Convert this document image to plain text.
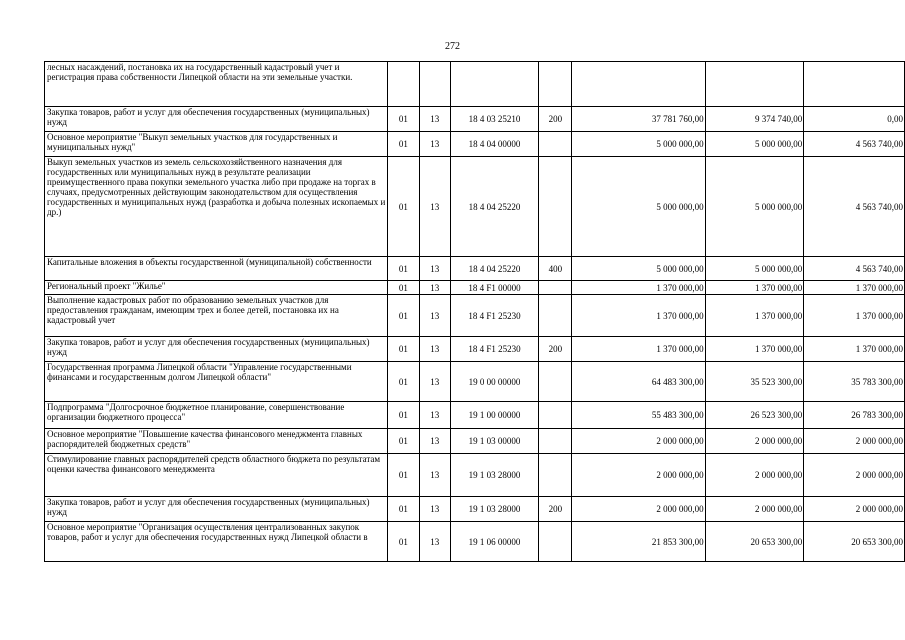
272
лесных насаждений, постановка их на государственный кадастровый учет и регистрация права собственности Липецкой области на эти земельные участки.							
Закупка товаров, работ и услуг для обеспечения государственных (муниципальных) нужд	01	13	18 4 03 25210	200	37 781 760,00	9 374 740,00	0,00
Основное мероприятие "Выкуп земельных участков для государственных и муниципальных нужд"	01	13	18 4 04 00000		5 000 000,00	5 000 000,00	4 563 740,00
Выкуп земельных участков из земель сельскохозяйственного назначения для государственных или муниципальных нужд в результате реализации преимущественного права покупки земельного участка либо при продаже на торгах в случаях, предусмотренных действующим законодательством для осуществления государственных и муниципальных нужд (разработка и добыча полезных ископаемых и др.)	01	13	18 4 04 25220		5 000 000,00	5 000 000,00	4 563 740,00
Капитальные вложения в объекты государственной (муниципальной) собственности	01	13	18 4 04 25220	400	5 000 000,00	5 000 000,00	4 563 740,00
Региональный проект "Жилье"	01	13	18 4 F1 00000		1 370 000,00	1 370 000,00	1 370 000,00
Выполнение кадастровых работ по образованию земельных участков для предоставления гражданам, имеющим трех и более детей, постановка их на кадастровый учет	01	13	18 4 F1 25230		1 370 000,00	1 370 000,00	1 370 000,00
Закупка товаров, работ и услуг для обеспечения государственных (муниципальных) нужд	01	13	18 4 F1 25230	200	1 370 000,00	1 370 000,00	1 370 000,00
Государственная программа Липецкой области "Управление государственными финансами и государственным долгом Липецкой области"	01	13	19 0 00 00000		64 483 300,00	35 523 300,00	35 783 300,00
Подпрограмма "Долгосрочное бюджетное планирование, совершенствование организации бюджетного процесса"	01	13	19 1 00 00000		55 483 300,00	26 523 300,00	26 783 300,00
Основное мероприятие "Повышение качества финансового менеджмента главных распорядителей бюджетных средств"	01	13	19 1 03 00000		2 000 000,00	2 000 000,00	2 000 000,00
Стимулирование главных распорядителей средств областного бюджета по результатам оценки качества финансового менеджмента	01	13	19 1 03 28000		2 000 000,00	2 000 000,00	2 000 000,00
Закупка товаров, работ и услуг для обеспечения государственных (муниципальных) нужд	01	13	19 1 03 28000	200	2 000 000,00	2 000 000,00	2 000 000,00
Основное мероприятие "Организация осуществления централизованных закупок товаров, работ и услуг для обеспечения государственных нужд Липецкой области в	01	13	19 1 06 00000		21 853 300,00	20 653 300,00	20 653 300,00
